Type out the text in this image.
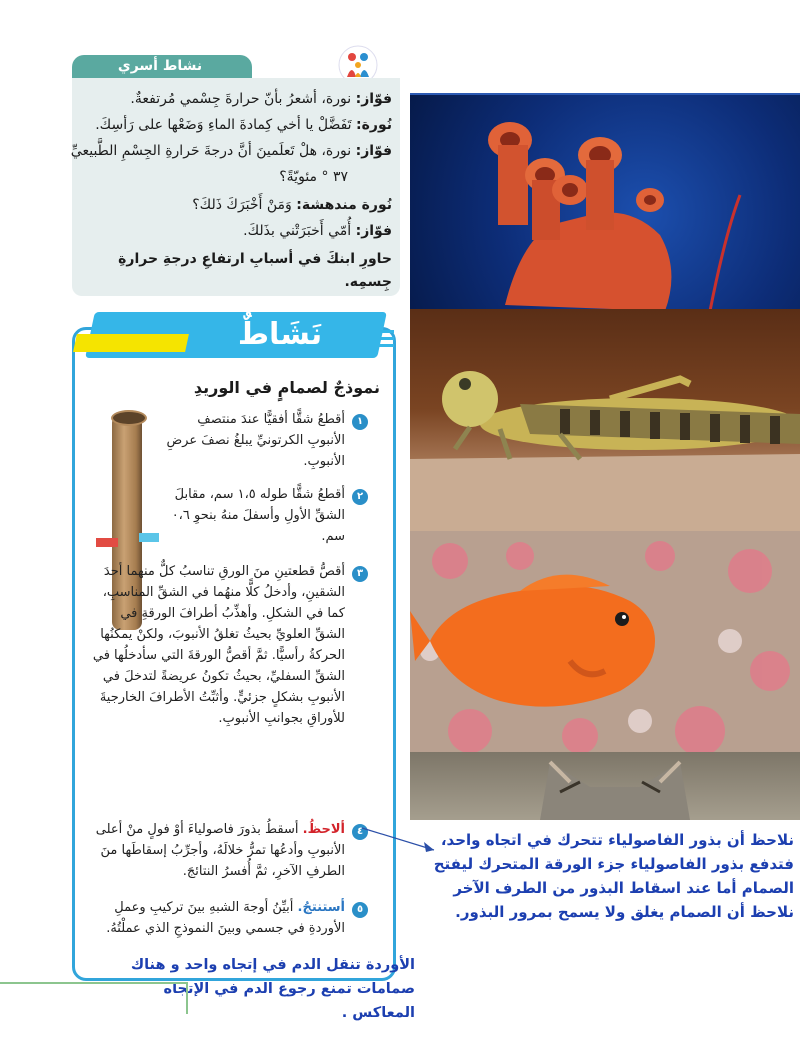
نشاط أسري
فوّاز: نورة، أشعرُ بأنّ حرارةَ جِسْمي مُرتفعةٌ.
نُورة: تَفَضَّلْ يا أخي كِمادةَ الماءِ وَضَعْها على رَأسِكَ.
فوّاز: نورة، هلْ تَعلَمينَ أنَّ درجةَ حَرارةِ الجِسْمِ الطَّبيعيِّ
٣٧ ° مئويّةً؟
نُورة مندهشة: وَمَنْ أَخْبَرَكَ ذَلكَ؟
فوّاز: أُمّي أَخبَرَتْني بذَلكَ.
حاورِ ابنكَ في أسبابِ ارتفاعِ درجةِ حرارةِ جِسمِه.
نَشَاطٌ
نموذجٌ لصمامٍ في الوريدِ
١
أقطعُ شقًّا أفقيًّا عندَ منتصفِ الأنبوبِ الكرتونيِّ يبلغُ نصفَ عرضِ الأنبوبِ.
٢
أقطعُ شقًّا طوله ١،٥ سم، مقابلَ الشقِّ الأولِ وأسفلَ منهُ بنحوِ ٠،٦ سم.
٣
أقصُّ قطعتينِ منَ الورقِ تناسبُ كلٌّ منهما أحدَ الشقينِ، وأدخلُ كلًّا منهُما في الشقِّ المناسبِ، كما في الشكلِ. وأهذِّبُ أطرافَ الورقةِ في الشقِّ العلويِّ بحيثُ تغلقُ الأنبوبَ، ولكنْ يمكنُها الحركةُ رأسيًّا. ثمَّ أقصُّ الورقةَ التي سأدخلُها في الشقِّ السفليِّ، بحيثُ تكونُ عريضةً لتدخلَ في الأنبوبِ بشكلٍ جزئيٍّ. وأثبِّتُ الأطرافَ الخارجيةَ للأوراقِ بجوانبِ الأنبوبِ.
٤
ألاحظُ. أسقطُ بذورَ فاصولياءَ أوْ فولٍ منْ أعلى الأنبوبِ وأدعُها تمرُّ خلالَهُ، وأجرِّبُ إسقاطَها منَ الطرفِ الآخرِ، ثمَّ أُفسرُ النتائجَ.
٥
أستنتجُ. أبيِّنُ أوجهَ الشبهِ بينَ تركيبِ وعملِ الأوردةِ في جسمي وبينَ النموذجِ الذي عملْتُهُ.
نلاحظ أن بذور الفاصولياء تتحرك في اتجاه واحد، فتدفع بذور الفاصولياء جزء الورقة المتحرك ليفتح الصمام أما عند اسقاط البذور من الطرف الآخر نلاحظ أن الصمام يغلق ولا يسمح بمرور البذور.
الأوردة تنقل الدم في إتجاه واحد و هناك صمامات تمنع رجوع الدم في الإتجاه المعاكس .
